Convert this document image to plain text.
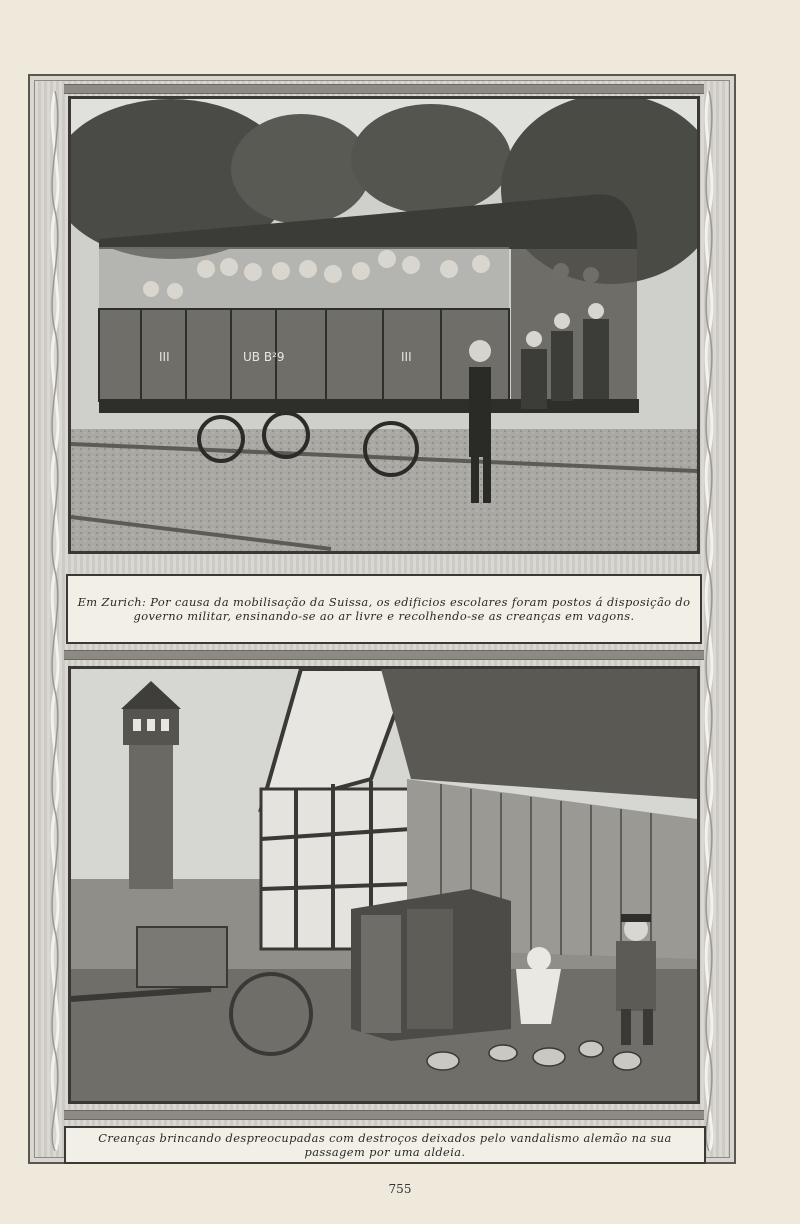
III	UB B²9	III
Em Zurich: Por causa da mobilisação da Suissa, os edificios escolares foram postos á disposição do governo militar, ensinando-se ao ar livre e recolhendo-se as creanças em vagons.
Creanças brincando despreocupadas com destroços deixados pelo vandalismo alemão na sua passagem por uma aldeia.
755
